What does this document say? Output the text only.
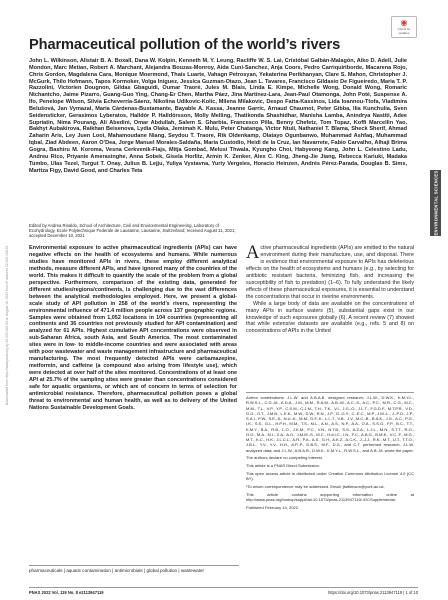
Downloaded from https://www.pnas.org by 82.200.168.90 on August 16, 2022 from IP address 82.200.168.90.
◉
Check for
updates
Pharmaceutical pollution of the world’s rivers
John L. Wilkinson, Alistair B. A. Boxall, Dana W. Kolpin, Kenneth M. Y. Leung, Racliffe W. S. Lai, Cristóbal Galbán-Malagón, Aiko D. Adell, Julie Mondon, Marc Metian, Robert A. Marchant, Alejandra Bouzas-Monroy, Aida Cuni-Sanchez, Anja Coors, Pedro Carriquiriborde, Macarena Rojo, Chris Gordon, Magdalena Cara, Monique Moermond, Thais Luarte, Vahagn Petrosyan, Yekaterina Perikhanyan, Clare S. Mahon, Christopher J. McGurk, Thilo Hofmann, Tapos Kormoker, Volga Iniguez, Jessica Guzman-Otazo, Jean L. Tavares, Francisco Gildasio De Figueiredo, Maria T. P. Razzolini, Victorien Dougnon, Gildas Gbaguidi, Oumar Traoré, Jules M. Blais, Linda E. Kimpe, Michelle Wong, Donald Wong, Romaric Ntchantcho, Jaime Pizarro, Guang-Guo Ying, Chang-Er Chen, Martha Páez, Jina Martínez-Lara, Jean-Paul Otamonga, John Poté, Suspense A. Ifo, Penelope Wilson, Silvia Echeverría-Sáenz, Nikolina Udikovic-Kolic, Milena Milakovic, Despo Fatta-Kassinos, Lida Ioannou-Ttofa, Vladimíra Belušová, Jan Vymazal, María Cárdenas-Bustamante, Bayable A. Kassa, Jeanne Garric, Arnaud Chaumot, Peter Gibba, Ilia Kunchulia, Sven Seidensticker, Gerasimos Lyberatos, Halldór P. Halldórsson, Molly Melling, Thatikonda Shashidhar, Manisha Lamba, Anindrya Nastiti, Adee Supriatin, Nima Pourang, Ali Abedini, Omar Abdullah, Salem S. Gharbia, Francesco Pilla, Benny Chefetz, Tom Topaz, Koffi Marcellin Yao, Bakhyt Aubakirova, Raikhan Beisenova, Lydia Olaka, Jemimah K. Mulu, Peter Chatanga, Victor Ntuli, Nathaniel T. Blama, Sheck Sherif, Ahmad Zaharin Aris, Ley Juen Looi, Mahamoudane Niang, Seydou T. Traore, Rik Oldenkamp, Olatayo Ogunbanwo, Muhammad Ashfaq, Muhammad Iqbal, Ziad Abdeen, Aaron O’Dea, Jorge Manuel Morales-Saldaña, Maria Custodio, Heidi de la Cruz, Ian Navarrete, Fabio Carvalho, Alhaji Brima Gogra, Bashiru M. Koroma, Vesna Cerkvenik-Flajs, Mitja Gombač, Melusi Thwala, Kyungho Choi, Habyeong Kang, John L. Celestino Ladu, Andreu Rico, Priyanie Amerasinghe, Anna Sobek, Gisela Horlitz, Armin K. Zenker, Alex C. King, Jheng-Jie Jiang, Rebecca Kariuki, Madaka Tumbo, Ulas Tezel, Turgut T. Onay, Julius B. Lejju, Yuliya Vystavna, Yuriy Vergeles, Horacio Heinzen, Andrés Pérez-Parada, Douglas B. Sims, Maritza Figy, David Good, and Charles Teta
Edited by Andrea Rinaldo, School of Architecture, Civil and Environmental Engineering, Laboratory of Ecohydrology, Ecole Polytechnique Federale de Lausanne, Lausanne, Switzerland; received August 11, 2021; accepted December 10, 2021
Environmental exposure to active pharmaceutical ingredients (APIs) can have negative effects on the health of ecosystems and humans. While numerous studies have monitored APIs in rivers, these employ different analytical methods, measure different APIs, and have ignored many of the countries of the world. This makes it difficult to quantify the scale of the problem from a global perspective. Furthermore, comparison of the existing data, generated for different studies/regions/continents, is challenging due to the vast differences between the analytical methodologies employed. Here, we present a global-scale study of API pollution in 258 of the world’s rivers, representing the environmental influence of 471.4 million people across 137 geographic regions. Samples were obtained from 1,052 locations in 104 countries (representing all continents and 36 countries not previously studied for API contamination) and analyzed for 61 APIs. Highest cumulative API concentrations were observed in sub-Saharan Africa, south Asia, and South America. The most contaminated sites were in low- to middle-income countries and were associated with areas with poor wastewater and waste management infrastructure and pharmaceutical manufacturing. The most frequently detected APIs were carbamazepine, metformin, and caffeine (a compound also arising from lifestyle use), which were detected at over half of the sites monitored. Concentrations of at least one API at 25.7% of the sampling sites were greater than concentrations considered safe for aquatic organisms, or which are of concern in terms of selection for antimicrobial resistance. Therefore, pharmaceutical pollution poses a global threat to environmental and human health, as well as to delivery of the United Nations Sustainable Development Goals.
pharmaceuticals | aquatic contamination | antimicrobials | global pollution | wastewater
Active pharmaceutical ingredients (APIs) are emitted to the natural environment during their manufacture, use, and disposal. There is evidence that environmental exposure to APIs has deleterious effects on the health of ecosystems and humans (e.g., by selecting for antibiotic resistant bacteria, feminizing fish, and increasing the susceptibility of fish to predation) (1–6). To fully understand the likely effects of these pharmaceutical exposures, it is essential to understand the concentrations that occur in riverine environments.
While a large body of data are available on the concentrations of many APIs in surface waters (5), substantial gaps exist in our knowledge of such exposures globally (6). A recent review (7) showed that while extensive datasets are available (e.g., refs. 5 and 8) on concentrations of APIs in the United
Author contributions: J.L.W. and A.B.A.B. designed research; J.L.W., D.W.K., K.M.Y.L., R.W.S.L., C.G.-M., A.D.A., J.M., M.M., R.A.M., A.B.-M., A.C.-S., A.C., P.C., M.R., C.G., M.C., M.M., T.L., V.P., Y.P., C.S.M., C.J.M., T.H., T.K., V.I., J.G.-O., J.L.T., F.G.D.F., M.T.P.R., V.D., G.G., O.T., J.M.B., L.E.K., M.W., D.W., R.N., J.P., G.-G.Y., C.-E.C., M.P., J.M.-L., J.-P.O., J.P., S.A.I., P.W., S.E.-S., N.U.-K., M.M., D.F.-K., L.I.-T., V.B., J.V., M.C.-B., B.A.K., J.G., A.C., P.G., I.K., S.S., G.L., H.P.H., M.M., T.S., M.L., A.N., A.S., N.P., A.A., O.A., S.S.G., F.P., B.C., T.T., K.M.Y., B.A., R.B., L.O., J.K.M., P.C., V.N., N.T.B., S.S., A.Z.A., L.J.L., M.N., S.T.T., R.O., O.O., M.A., M.I., Z.A., A.O., J.M.M.-S., M.C., H.d.l.C., I.N., F.C., A.B.G., B.M.K., V.C.-F., M.G., M.T., K.C., H.K., J.L.C.L., A.R., P.A., A.S., G.H., A.K.Z., A.C.K., J.-J.J., R.K., M.T., U.T., T.T.O., J.B.L., Y.V., Y.V., H.H., A.P.-P., D.B.S., M.F., D.G., and C.T. performed research; J.L.W. analyzed data; and J.L.W., A.B.A.B., D.W.K., K.M.Y.L., R.W.S.L., and A.B.-M. wrote the paper.
The authors declare no competing interest.
This article is a PNAS Direct Submission.
This open access article is distributed under Creative Commons Attribution License 4.0 (CC BY).
¹To whom correspondence may be addressed. Email: jlwilkinson@york.ac.uk.
This article contains supporting information online at http://www.pnas.org/lookup/suppl/doi:10.1073/pnas.2113947119/-/DCSupplemental.
Published February 14, 2022.
ENVIRONMENTAL SCIENCES
PNAS 2022 Vol. 119 No. 8 e2113947119	https://doi.org/10.1073/pnas.2113947119 | 1 of 10
